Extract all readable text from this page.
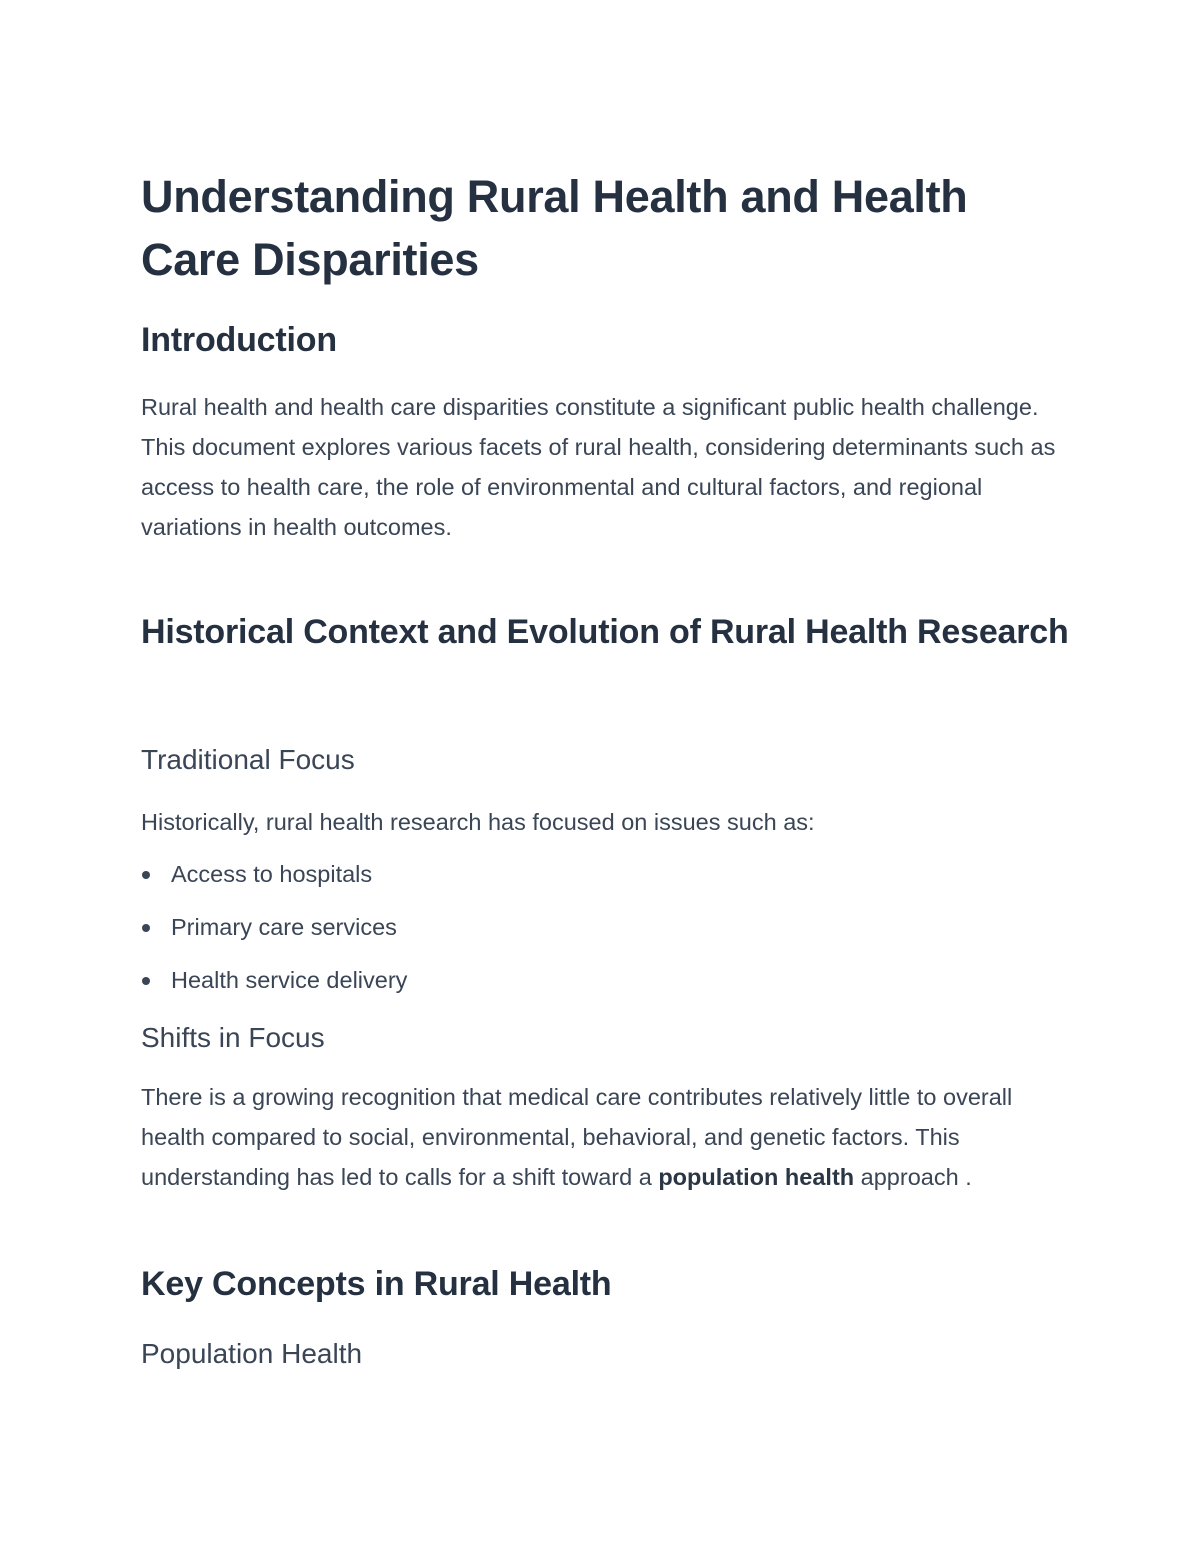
Understanding Rural Health and Health Care Disparities
Introduction

Rural health and health care disparities constitute a significant public health challenge. This document explores various facets of rural health, considering determinants such as access to health care, the role of environmental and cultural factors, and regional variations in health outcomes.

Historical Context and Evolution of Rural Health Research
Traditional Focus

Historically, rural health research has focused on issues such as:

Access to hospitals
Primary care services
Health service delivery
Shifts in Focus

There is a growing recognition that medical care contributes relatively little to overall health compared to social, environmental, behavioral, and genetic factors. This understanding has led to calls for a shift toward a population health approach .

Key Concepts in Rural Health
Population Health
